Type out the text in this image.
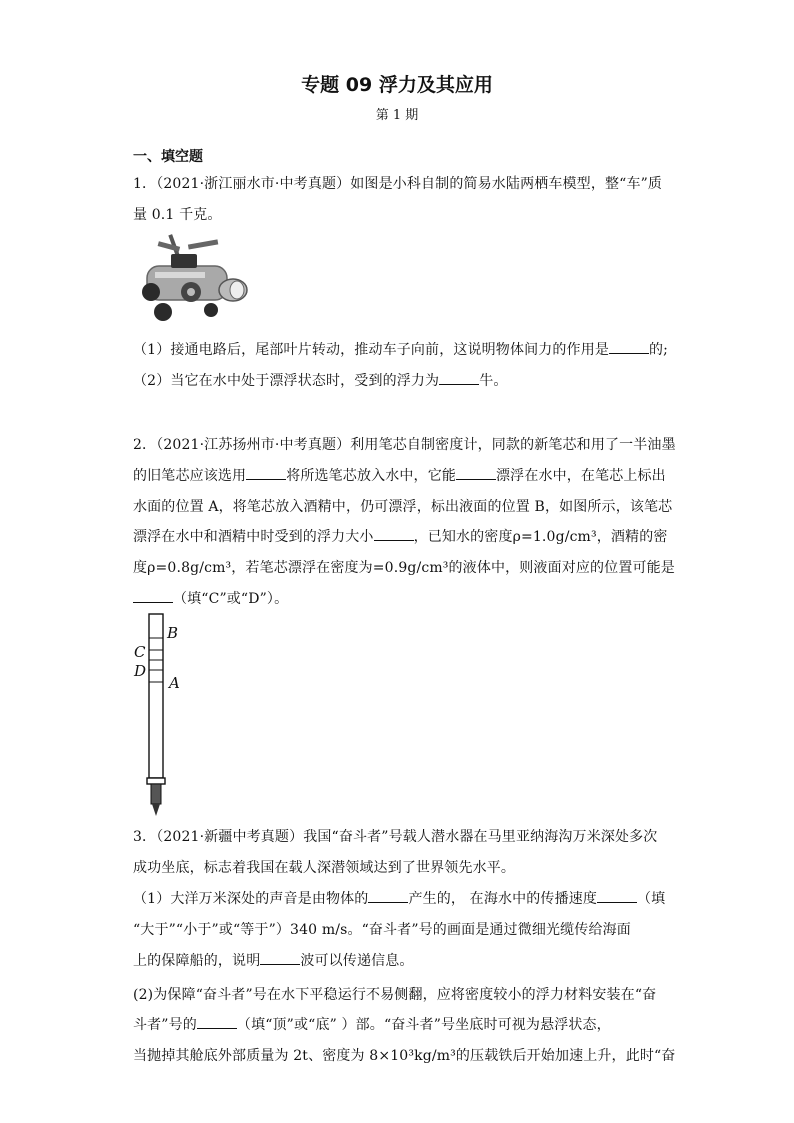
专题 09 浮力及其应用
第 1 期
一、填空题
1．（2021·浙江丽水市·中考真题）如图是小科自制的简易水陆两栖车模型，整“车”质
量 0.1 千克。
（1）接通电路后，尾部叶片转动，推动车子向前，这说明物体间力的作用是	的;
（2）当它在水中处于漂浮状态时，受到的浮力为	牛。
2．（2021·江苏扬州市·中考真题）利用笔芯自制密度计，同款的新笔芯和用了一半油墨
的旧笔芯应该选用	将所选笔芯放入水中，它能	漂浮在水中，在笔芯上标出
水面的位置 A，将笔芯放入酒精中，仍可漂浮，标出液面的位置 B，如图所示，该笔芯
漂浮在水中和酒精中时受到的浮力大小	，已知水的密度ρ=1.0g/cm³，酒精的密
度ρ=0.8g/cm³，若笔芯漂浮在密度为=0.9g/cm³的液体中，则液面对应的位置可能是
（填“C”或“D”）。
B
C
D
A
3．（2021·新疆中考真题）我国“奋斗者”号载人潜水器在马里亚纳海沟万米深处多次
成功坐底，标志着我国在载人深潜领域达到了世界领先水平。
（1）大洋万米深处的声音是由物体的	产生的， 在海水中的传播速度	（填
“大于”“小于”或“等于”）340 m/s。“奋斗者”号的画面是通过微细光缆传给海面
上的保障船的，说明	波可以传递信息。
(2)为保障“奋斗者”号在水下平稳运行不易侧翻，应将密度较小的浮力材料安装在“奋
斗者”号的	（填“顶”或“底” ）部。“奋斗者”号坐底时可视为悬浮状态，
当抛掉其舱底外部质量为 2t、密度为 8×10³kg/m³的压载铁后开始加速上升，此时“奋
